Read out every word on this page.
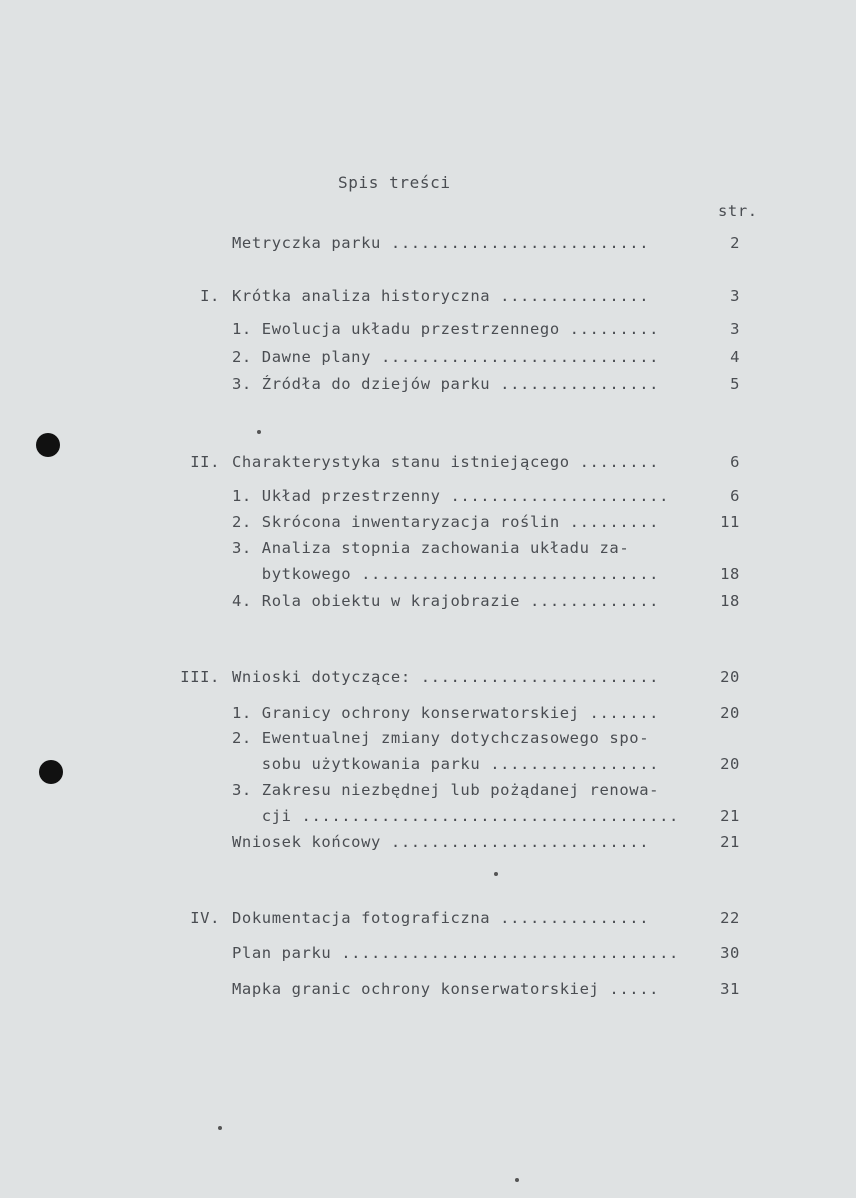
Spis treści
str.
Metryczka parku ..........................	2
I. Krótka analiza historyczna ...............	3
1. Ewolucja układu przestrzennego .........	3
2. Dawne plany ............................	4
3. Źródła do dziejów parku ................	5
II. Charakterystyka stanu istniejącego ........	6
1. Układ przestrzenny ......................	6
2. Skrócona inwentaryzacja roślin .........	11
3. Analiza stopnia zachowania układu za-
bytkowego ..............................	18
4. Rola obiektu w krajobrazie .............	18
III. Wnioski dotyczące: ........................	20
1. Granicy ochrony konserwatorskiej .......	20
2. Ewentualnej zmiany dotychczasowego spo-
sobu użytkowania parku .................	20
3. Zakresu niezbędnej lub pożądanej renowa-
cji ......................................	21
Wniosek końcowy ..........................	21
IV. Dokumentacja fotograficzna ...............	22
Plan parku ..................................	30
Mapka granic ochrony konserwatorskiej .....	31
